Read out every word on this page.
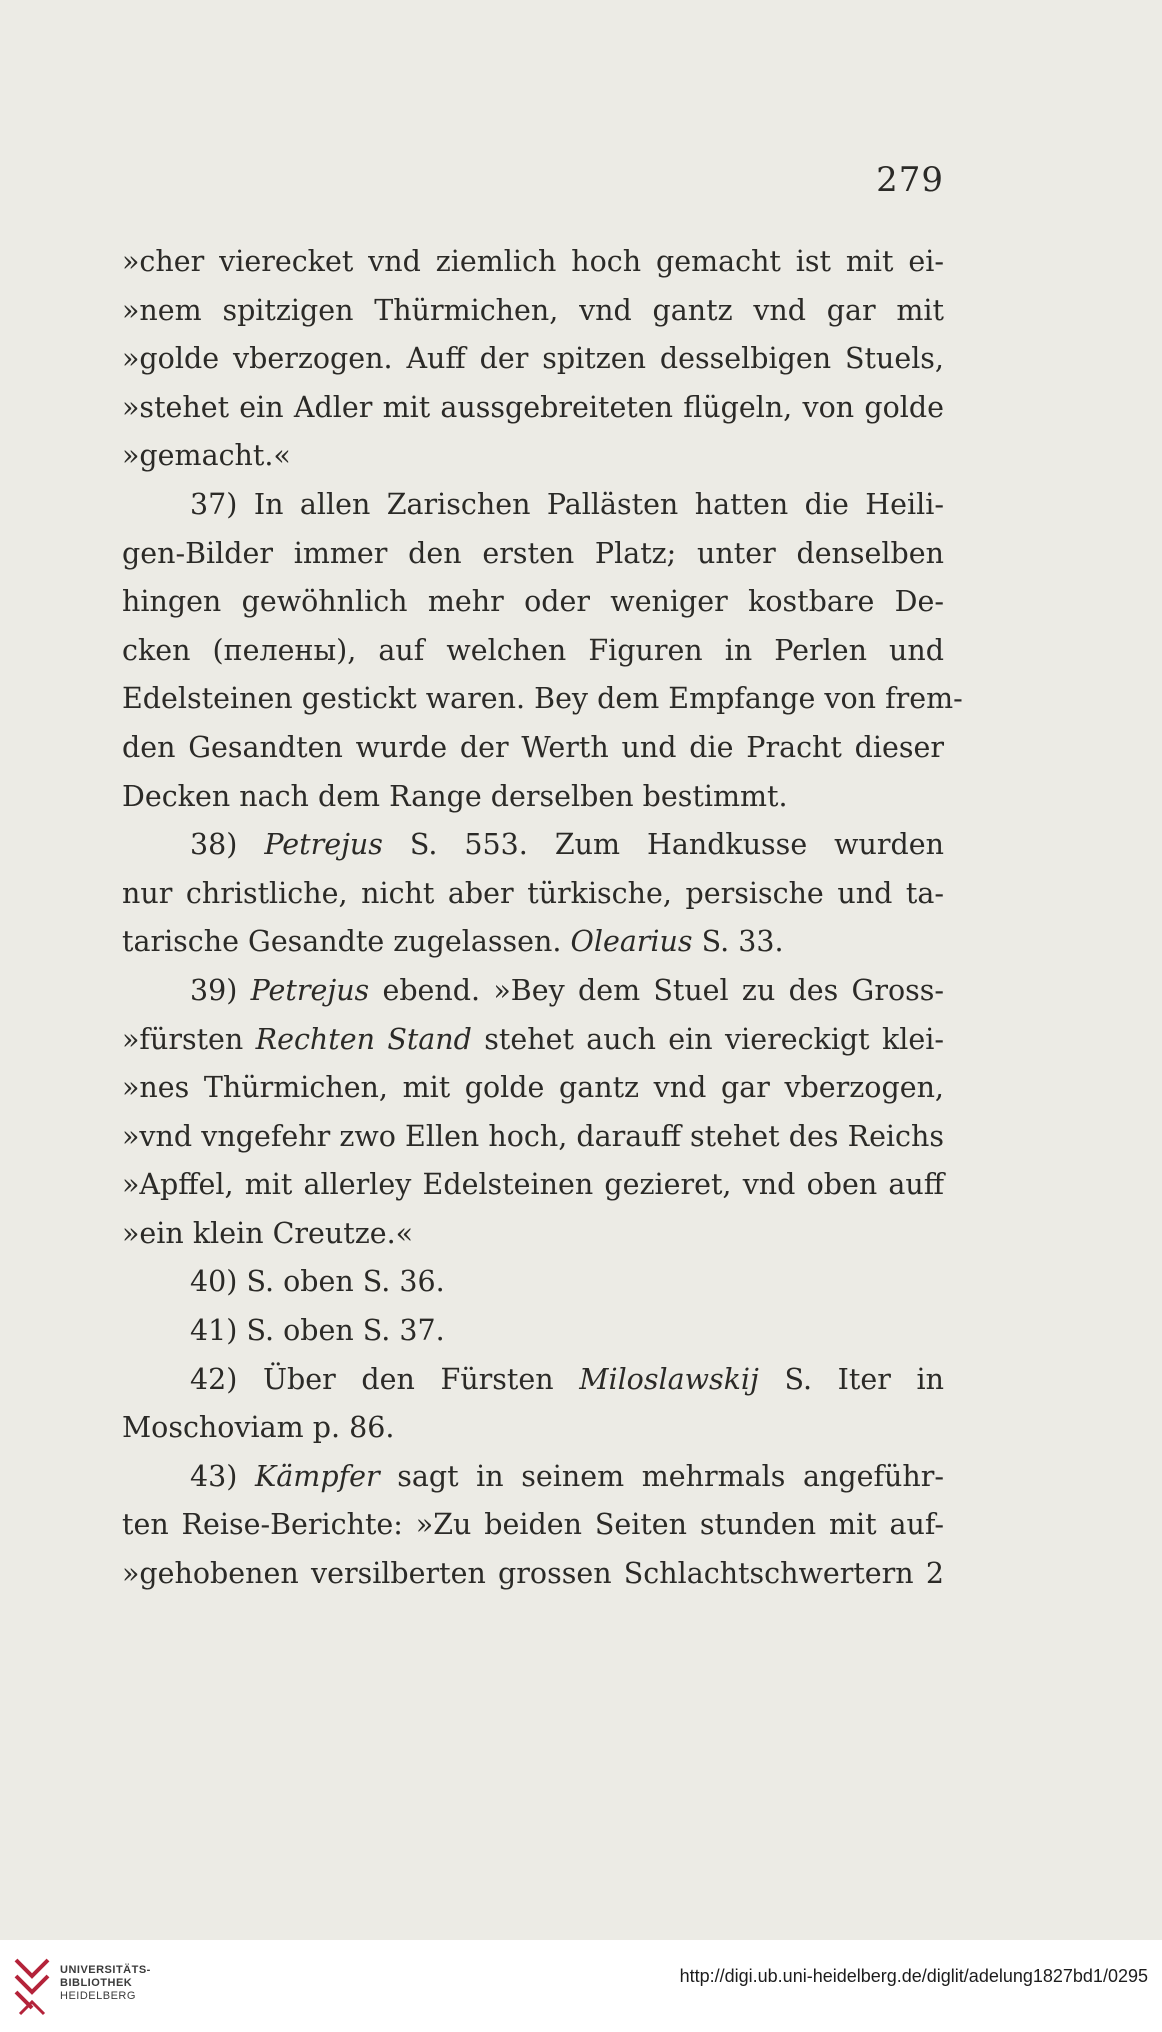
279
»cher vierecket vnd ziemlich hoch gemacht ist mit ei-
»nem spitzigen Thürmichen, vnd gantz vnd gar mit
»golde vberzogen. Auff der spitzen desselbigen Stuels,
»stehet ein Adler mit aussgebreiteten flügeln, von golde
»gemacht.«
37) In allen Zarischen Pallästen hatten die Heili-
gen-Bilder immer den ersten Platz; unter denselben
hingen gewöhnlich mehr oder weniger kostbare De-
cken (пелены), auf welchen Figuren in Perlen und
Edelsteinen gestickt waren. Bey dem Empfange von frem-
den Gesandten wurde der Werth und die Pracht dieser
Decken nach dem Range derselben bestimmt.
38) Petrejus S. 553. Zum Handkusse wurden
nur christliche, nicht aber türkische, persische und ta-
tarische Gesandte zugelassen. Olearius S. 33.
39) Petrejus ebend. »Bey dem Stuel zu des Gross-
»fürsten Rechten Stand stehet auch ein viereckigt klei-
»nes Thürmichen, mit golde gantz vnd gar vberzogen,
»vnd vngefehr zwo Ellen hoch, darauff stehet des Reichs
»Apffel, mit allerley Edelsteinen gezieret, vnd oben auff
»ein klein Creutze.«
40) S. oben S. 36.
41) S. oben S. 37.
42) Über den Fürsten Miloslawskij S. Iter in
Moschoviam p. 86.
43) Kämpfer sagt in seinem mehrmals angeführ-
ten Reise-Berichte: »Zu beiden Seiten stunden mit auf-
»gehobenen versilberten grossen Schlachtschwertern 2
UNIVERSITÄTS-
BIBLIOTHEK
HEIDELBERG
http://digi.ub.uni-heidelberg.de/diglit/adelung1827bd1/0295
